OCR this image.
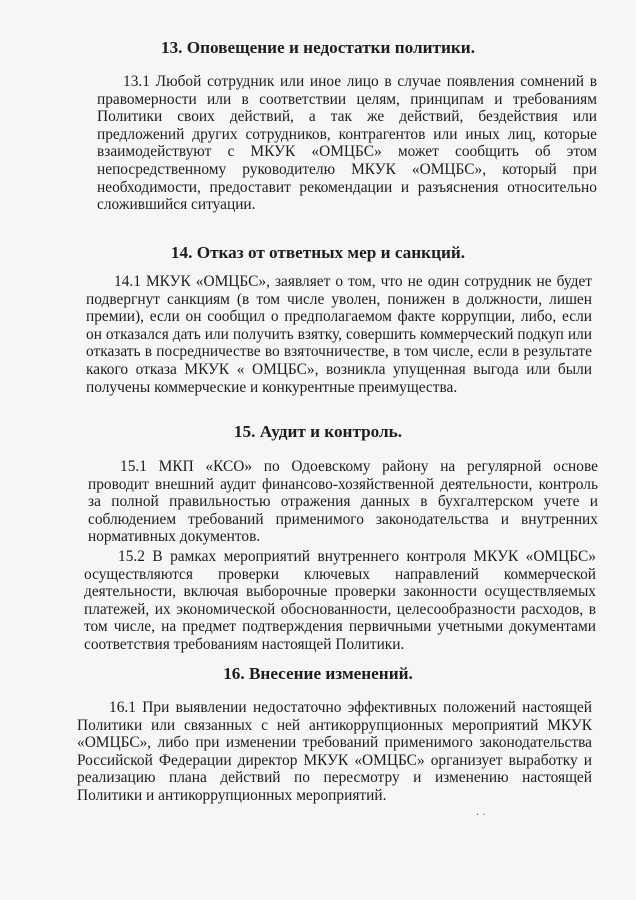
13. Оповещение и недостатки политики.

13.1 Любой сотрудник или иное лицо в случае появления сомнений в правомерности или в соответствии целям, принципам и требованиям Политики своих действий, а так же действий, бездействия или предложений других сотрудников, контрагентов или иных лиц, которые взаимодействуют с МКУК «ОМЦБС» может сообщить об этом непосредственному руководителю МКУК «ОМЦБС», который при необходимости, предоставит рекомендации и разъяснения относительно сложившийся ситуации.

14. Отказ от ответных мер и санкций.

14.1 МКУК «ОМЦБС», заявляет о том, что не один сотрудник не будет подвергнут санкциям (в том числе уволен, понижен в должности, лишен премии), если он сообщил о предполагаемом факте коррупции, либо, если он отказался дать или получить взятку, совершить коммерческий подкуп или отказать в посредничестве во взяточничестве, в том числе, если в результате какого отказа МКУК « ОМЦБС», возникла упущенная выгода или были получены коммерческие и конкурентные преимущества.

15. Аудит и контроль.

15.1 МКП «КСО» по Одоевскому району на регулярной основе проводит внешний аудит финансово-хозяйственной деятельности, контроль за полной правильностью отражения данных в бухгалтерском учете и соблюдением требований применимого законодательства и внутренних нормативных документов.

15.2 В рамках мероприятий внутреннего контроля МКУК «ОМЦБС» осуществляются проверки ключевых направлений коммерческой деятельности, включая выборочные проверки законности осуществляемых платежей, их экономической обоснованности, целесообразности расходов, в том числе, на предмет подтверждения первичными учетными документами соответствия требованиям настоящей Политики.

16. Внесение изменений.

16.1 При выявлении недостаточно эффективных положений настоящей Политики или связанных с ней антикоррупционных мероприятий МКУК «ОМЦБС», либо при изменении требований применимого законодательства Российской Федерации директор МКУК «ОМЦБС» организует выработку и реализацию плана действий по пересмотру и изменению настоящей Политики и антикоррупционных мероприятий.

· ·
